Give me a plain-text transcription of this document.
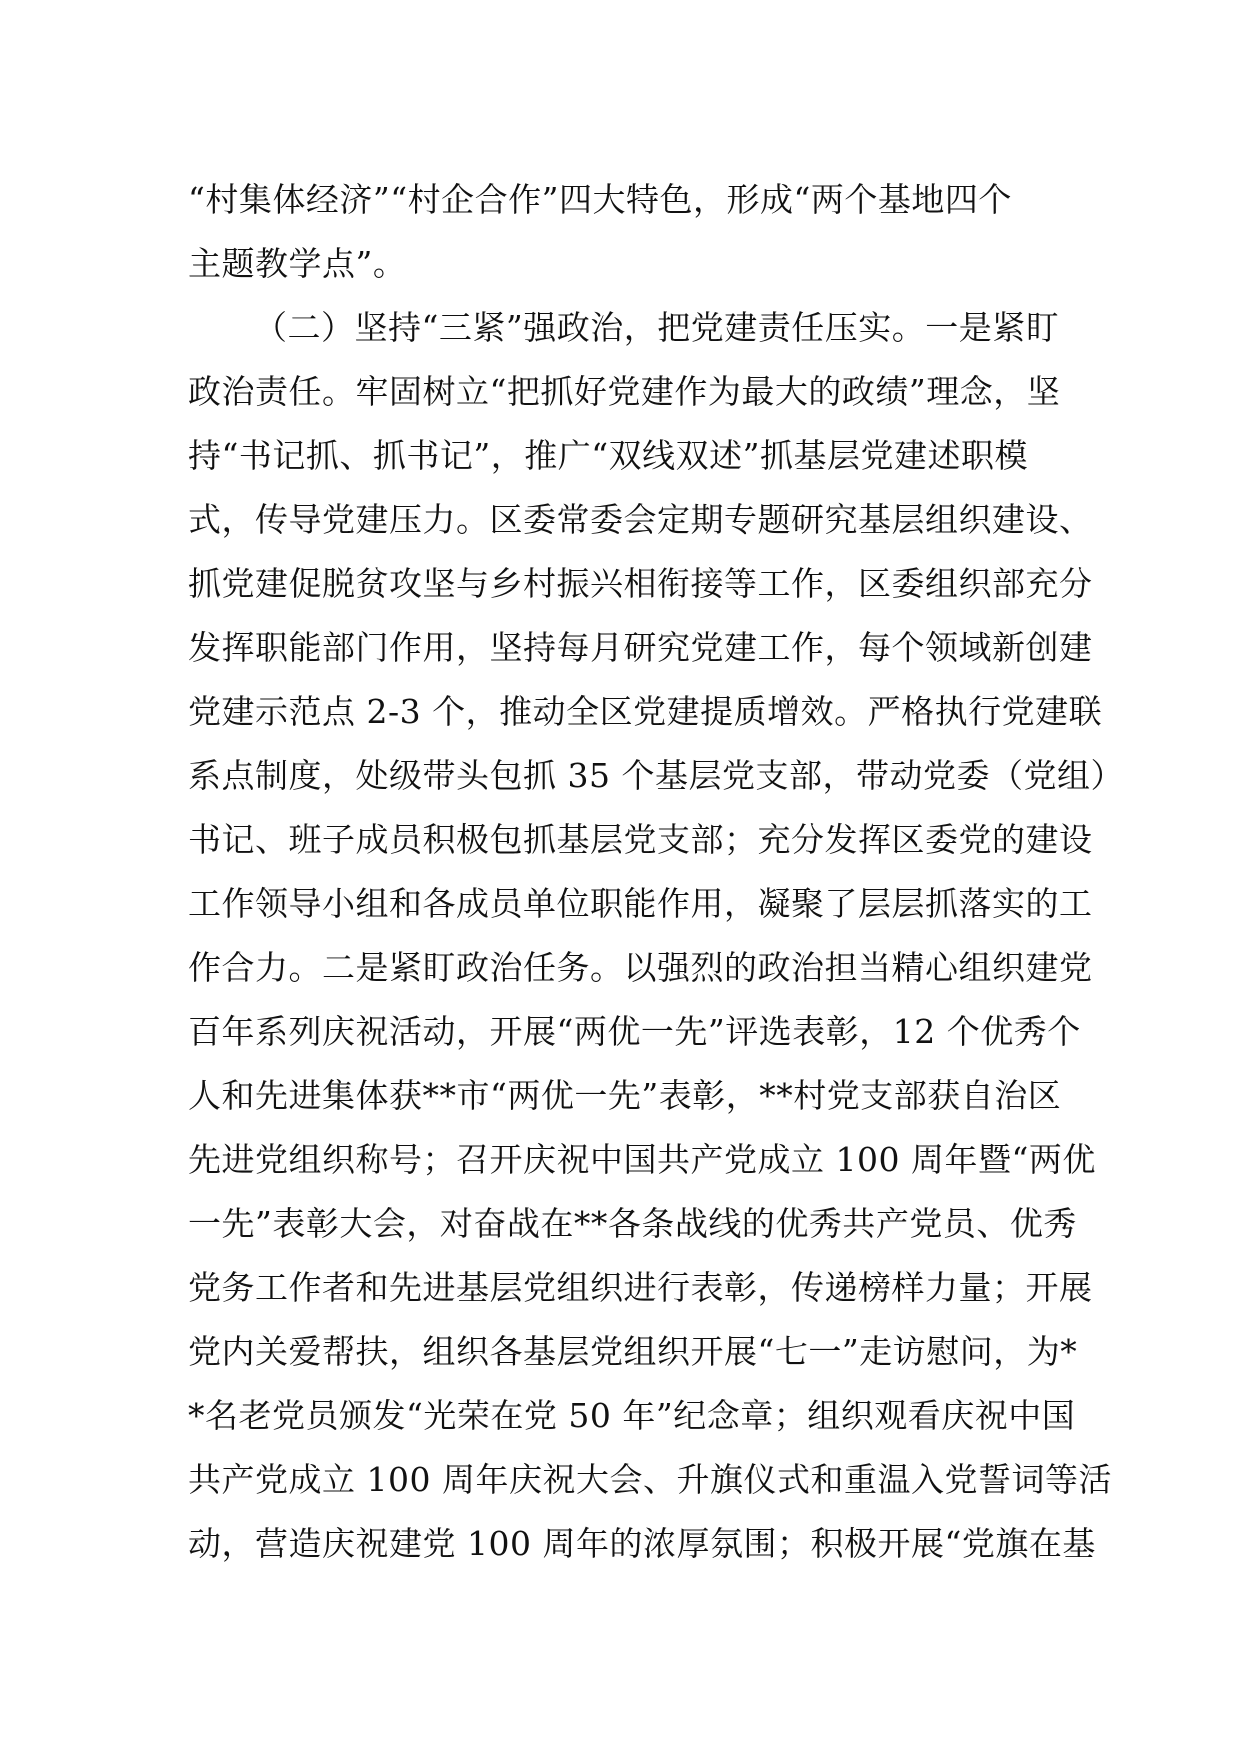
“村集体经济”“村企合作”四大特色，形成“两个基地四个
主题教学点”。
（二）坚持“三紧”强政治，把党建责任压实。一是紧盯
政治责任。牢固树立“把抓好党建作为最大的政绩”理念，坚
持“书记抓、抓书记”，推广“双线双述”抓基层党建述职模
式，传导党建压力。区委常委会定期专题研究基层组织建设、
抓党建促脱贫攻坚与乡村振兴相衔接等工作，区委组织部充分
发挥职能部门作用，坚持每月研究党建工作，每个领域新创建
党建示范点 2-3 个，推动全区党建提质增效。严格执行党建联
系点制度，处级带头包抓 35 个基层党支部，带动党委（党组）
书记、班子成员积极包抓基层党支部；充分发挥区委党的建设
工作领导小组和各成员单位职能作用，凝聚了层层抓落实的工
作合力。二是紧盯政治任务。以强烈的政治担当精心组织建党
百年系列庆祝活动，开展“两优一先”评选表彰，12 个优秀个
人和先进集体获**市“两优一先”表彰，**村党支部获自治区
先进党组织称号；召开庆祝中国共产党成立 100 周年暨“两优
一先”表彰大会，对奋战在**各条战线的优秀共产党员、优秀
党务工作者和先进基层党组织进行表彰，传递榜样力量；开展
党内关爱帮扶，组织各基层党组织开展“七一”走访慰问，为*
*名老党员颁发“光荣在党 50 年”纪念章；组织观看庆祝中国
共产党成立 100 周年庆祝大会、升旗仪式和重温入党誓词等活
动，营造庆祝建党 100 周年的浓厚氛围；积极开展“党旗在基
